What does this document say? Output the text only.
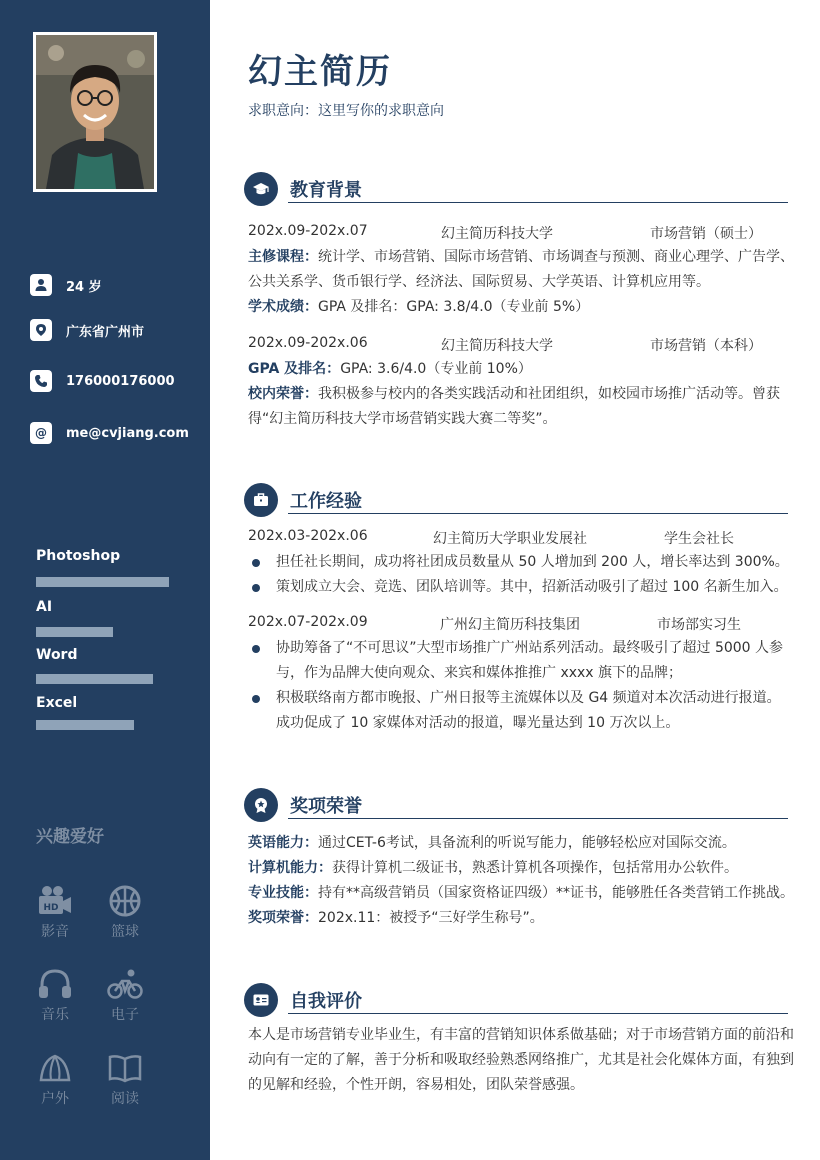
24 岁
广东省广州市
176000176000
@ me@cvjiang.com
Photoshop
AI
Word
Excel
兴趣爱好
HD
影音	篮球
音乐	电子
户外	阅读
幻主简历
求职意向：这里写你的求职意向
教育背景
202x.09-202x.07	幻主简历科技大学	市场营销（硕士）
主修课程：统计学、市场营销、国际市场营销、市场调查与预测、商业心理学、广告学、公共关系学、货币银行学、经济法、国际贸易、大学英语、计算机应用等。
学术成绩：GPA 及排名：GPA: 3.8/4.0（专业前 5%）
202x.09-202x.06	幻主简历科技大学	市场营销（本科）
GPA 及排名：GPA: 3.6/4.0（专业前 10%）
校内荣誉：我积极参与校内的各类实践活动和社团组织，如校园市场推广活动等。曾获得“幻主简历科技大学市场营销实践大赛二等奖”。
工作经验
202x.03-202x.06	幻主简历大学职业发展社	学生会社长
担任社长期间，成功将社团成员数量从 50 人增加到 200 人，增长率达到 300%。
策划成立大会、竞选、团队培训等。其中，招新活动吸引了超过 100 名新生加入。
202x.07-202x.09	广州幻主简历科技集团	市场部实习生
协助筹备了“不可思议”大型市场推广广州站系列活动。最终吸引了超过 5000 人参与，作为品牌大使向观众、来宾和媒体推推广 xxxx 旗下的品牌；
积极联络南方都市晚报、广州日报等主流媒体以及 G4 频道对本次活动进行报道。成功促成了 10 家媒体对活动的报道，曝光量达到 10 万次以上。
奖项荣誉
英语能力：通过CET-6考试，具备流利的听说写能力，能够轻松应对国际交流。
计算机能力：获得计算机二级证书，熟悉计算机各项操作，包括常用办公软件。
专业技能：持有**高级营销员（国家资格证四级）**证书，能够胜任各类营销工作挑战。
奖项荣誉：202x.11：被授予“三好学生称号”。
自我评价
本人是市场营销专业毕业生，有丰富的营销知识体系做基础；对于市场营销方面的前沿和动向有一定的了解，善于分析和吸取经验熟悉网络推广，尤其是社会化媒体方面，有独到的见解和经验，个性开朗，容易相处，团队荣誉感强。
